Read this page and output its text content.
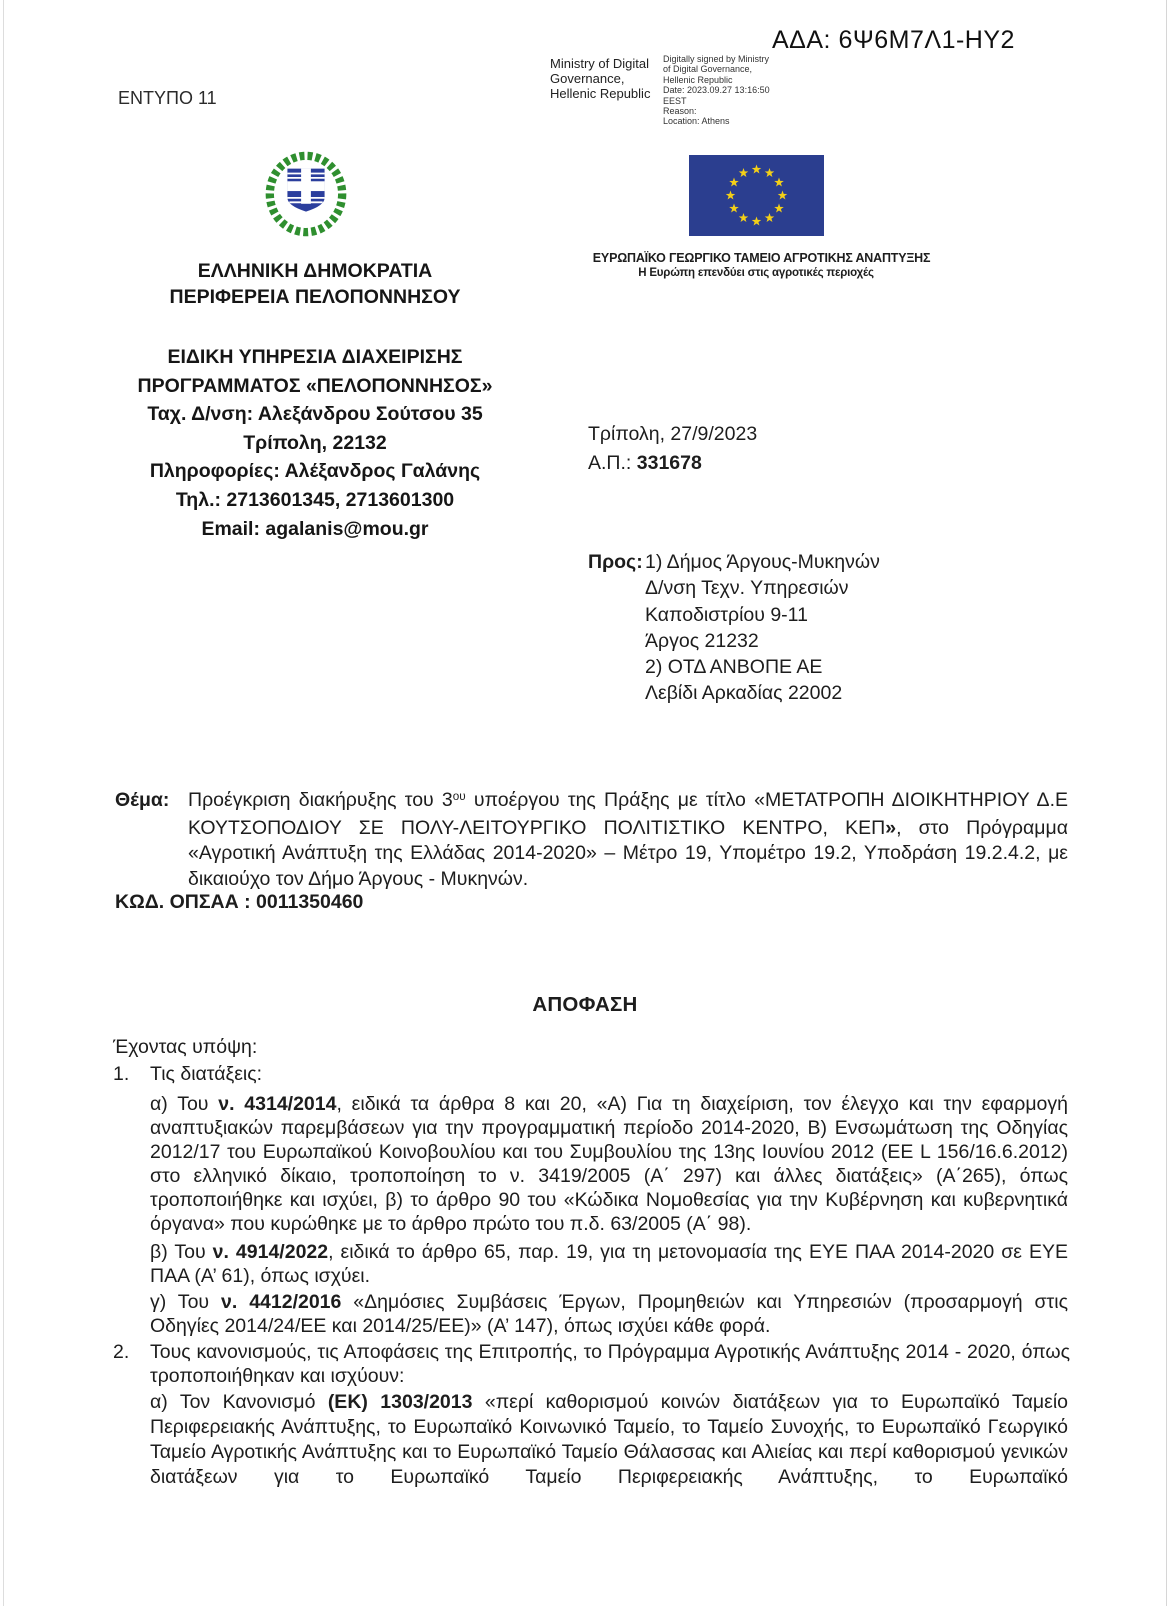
ΑΔΑ: 6Ψ6Μ7Λ1-ΗΥ2
ΕΝΤΥΠΟ 11
Ministry of Digital
Governance,
Hellenic Republic
Digitally signed by Ministry
of Digital Governance,
Hellenic Republic
Date: 2023.09.27 13:16:50
EEST
Reason:
Location: Athens
ΕΛΛΗΝΙΚΗ ΔΗΜΟΚΡΑΤΙΑ
ΠΕΡΙΦΕΡΕΙΑ ΠΕΛΟΠΟΝΝΗΣΟΥ
ΕΙΔΙΚΗ ΥΠΗΡΕΣΙΑ ΔΙΑΧΕΙΡΙΣΗΣ
ΠΡΟΓΡΑΜΜΑΤΟΣ «ΠΕΛΟΠΟΝΝΗΣΟΣ»
Ταχ. Δ/νση: Αλεξάνδρου Σούτσου 35
Τρίπολη, 22132
Πληροφορίες: Αλέξανδρος Γαλάνης
Τηλ.: 2713601345, 2713601300
Email: agalanis@mou.gr
ΕΥΡΩΠΑΪΚΟ ΓΕΩΡΓΙΚΟ ΤΑΜΕΙΟ ΑΓΡΟΤΙΚΗΣ ΑΝΑΠΤΥΞΗΣ
Η Ευρώπη επενδύει στις αγροτικές περιοχές
Τρίπολη, 27/9/2023
Α.Π.: 331678
Προς: 1) Δήμος Άργους-Μυκηνών
Δ/νση Τεχν. Υπηρεσιών
Καποδιστρίου 9-11
Άργος 21232
2) ΟΤΔ ΑΝΒΟΠΕ ΑΕ
Λεβίδι Αρκαδίας 22002
Θέμα: Προέγκριση διακήρυξης του $3^{o\upsilon}$ υποέργου της Πράξης με τίτλο «ΜΕΤΑΤΡΟΠΗ ΔΙΟΙΚΗΤΗΡΙΟΥ Δ.Ε ΚΟΥΤΣΟΠΟΔΙΟΥ ΣΕ ΠΟΛΥ-ΛΕΙΤΟΥΡΓΙΚΟ ΠΟΛΙΤΙΣΤΙΚΟ ΚΕΝΤΡΟ, ΚΕΠ», στο Πρόγραμμα «Αγροτική Ανάπτυξη της Ελλάδας 2014-2020» – Μέτρο 19, Υπομέτρο 19.2, Υποδράση 19.2.4.2, με δικαιούχο τον Δήμο Άργους - Μυκηνών.
ΚΩΔ. ΟΠΣΑΑ : 0011350460
ΑΠΟΦΑΣΗ
Έχοντας υπόψη:
1.	Τις διατάξεις:
α) Του ν. 4314/2014, ειδικά τα άρθρα 8 και 20, «Α) Για τη διαχείριση, τον έλεγχο και την εφαρμογή αναπτυξιακών παρεμβάσεων για την προγραμματική περίοδο 2014-2020, Β) Ενσωμάτωση της Οδηγίας 2012/17 του Ευρωπαϊκού Κοινοβουλίου και του Συμβουλίου της 13ης Ιουνίου 2012 (ΕΕ L 156/16.6.2012) στο ελληνικό δίκαιο, τροποποίηση το ν. 3419/2005 (Α΄ 297) και άλλες διατάξεις» (Α΄265), όπως τροποποιήθηκε και ισχύει, β) το άρθρο 90 του «Κώδικα Νομοθεσίας για την Κυβέρνηση και κυβερνητικά όργανα» που κυρώθηκε με το άρθρο πρώτο του π.δ. 63/2005 (Α΄ 98).
β) Του ν. 4914/2022, ειδικά το άρθρο 65, παρ. 19, για τη μετονομασία της ΕΥΕ ΠΑΑ 2014-2020 σε ΕΥΕ ΠΑΑ (Α’ 61), όπως ισχύει.
γ) Του ν. 4412/2016 «Δημόσιες Συμβάσεις Έργων, Προμηθειών και Υπηρεσιών (προσαρμογή στις Οδηγίες 2014/24/ΕΕ και 2014/25/ΕΕ)» (Α’ 147), όπως ισχύει κάθε φορά.
2.	Τους κανονισμούς, τις Αποφάσεις της Επιτροπής, το Πρόγραμμα Αγροτικής Ανάπτυξης 2014 - 2020, όπως τροποποιήθηκαν και ισχύουν:
α) Τον Κανονισμό (ΕΚ) 1303/2013 «περί καθορισμού κοινών διατάξεων για το Ευρωπαϊκό Ταμείο Περιφερειακής Ανάπτυξης, το Ευρωπαϊκό Κοινωνικό Ταμείο, το Ταμείο Συνοχής, το Ευρωπαϊκό Γεωργικό Ταμείο Αγροτικής Ανάπτυξης και το Ευρωπαϊκό Ταμείο Θάλασσας και Αλιείας και περί καθορισμού γενικών διατάξεων για το Ευρωπαϊκό Ταμείο Περιφερειακής Ανάπτυξης, το Ευρωπαϊκό
